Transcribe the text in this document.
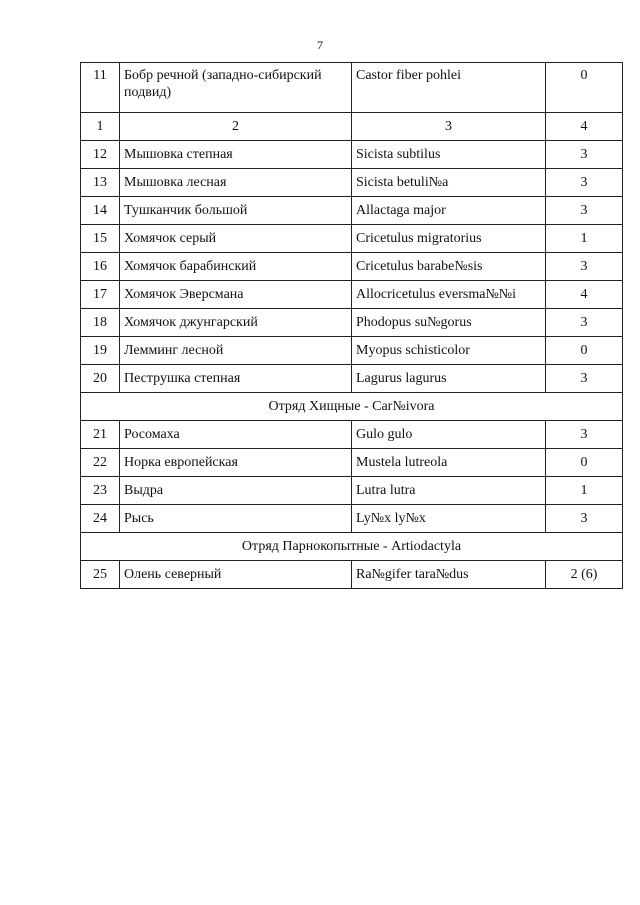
7
11	Бобр речной (западно-сибирский подвид)	Castor fiber pohlei	0
1	2	3	4
12	Мышовка степная	Sicista subtilus	3
13	Мышовка лесная	Sicista betuli№a	3
14	Тушканчик большой	Allactaga major	3
15	Хомячок серый	Cricetulus migratorius	1
16	Хомячок барабинский	Cricetulus barabe№sis	3
17	Хомячок Эверсмана	Allocricetulus eversma№№i	4
18	Хомячок джунгарский	Phodopus su№gorus	3
19	Лемминг лесной	Myopus schisticolor	0
20	Пеструшка степная	Lagurus lagurus	3
Отряд Хищные - Car№ivora			
21	Росомаха	Gulo gulo	3
22	Норка европейская	Mustela lutreola	0
23	Выдра	Lutra lutra	1
24	Рысь	Ly№x ly№x	3
Отряд Парнокопытные - Artiodactyla			
25	Олень северный	Ra№gifer tara№dus	2 (6)
